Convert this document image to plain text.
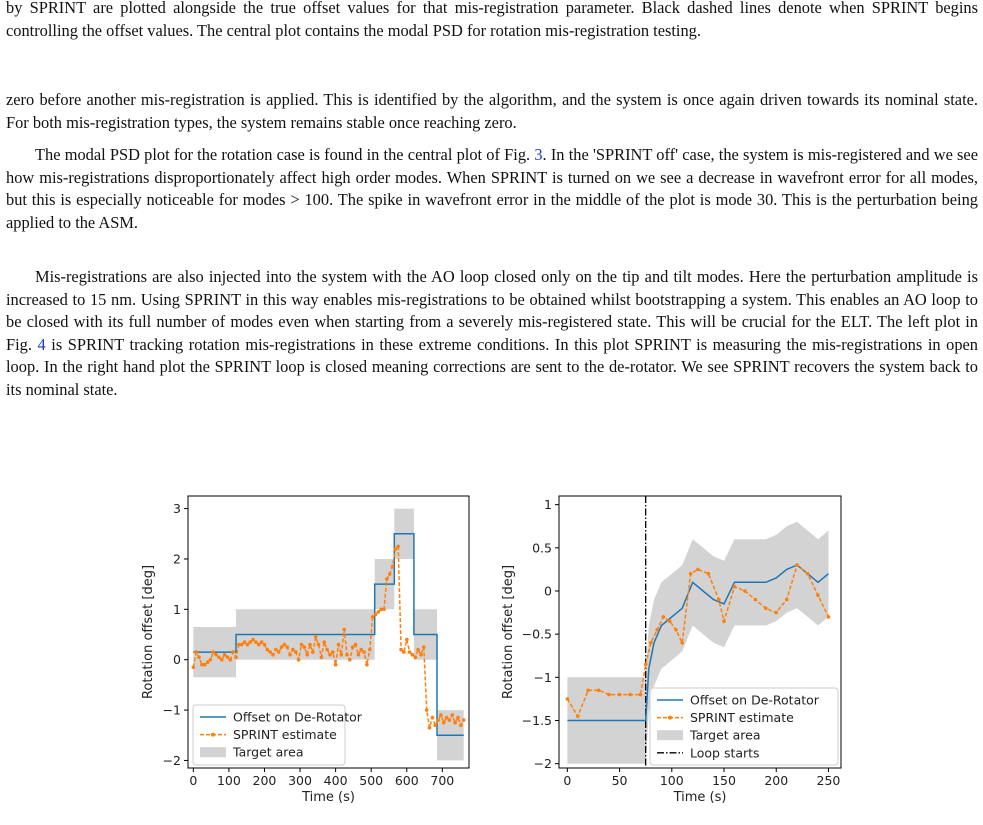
by SPRINT are plotted alongside the true offset values for that mis-registration parameter. Black dashed lines denote when SPRINT begins controlling the offset values. The central plot contains the modal PSD for rotation mis-registration testing.

zero before another mis-registration is applied. This is identified by the algorithm, and the system is once again driven towards its nominal state. For both mis-registration types, the system remains stable once reaching zero.

The modal PSD plot for the rotation case is found in the central plot of Fig. 3. In the 'SPRINT off' case, the system is mis-registered and we see how mis-registrations disproportionately affect high order modes. When SPRINT is turned on we see a decrease in wavefront error for all modes, but this is especially noticeable for modes > 100. The spike in wavefront error in the middle of the plot is mode 30. This is the perturbation being applied to the ASM.

Mis-registrations are also injected into the system with the AO loop closed only on the tip and tilt modes. Here the perturbation amplitude is increased to 15 nm. Using SPRINT in this way enables mis-registrations to be obtained whilst bootstrapping a system. This enables an AO loop to be closed with its full number of modes even when starting from a severely mis-registered state. This will be crucial for the ELT. The left plot in Fig. 4 is SPRINT tracking rotation mis-registrations in these extreme conditions. In this plot SPRINT is measuring the mis-registrations in open loop. In the right hand plot the SPRINT loop is closed meaning corrections are sent to the de-rotator. We see SPRINT recovers the system back to its nominal state.

0 100 200 300 400 500 600 700
−2
−1
0
1
2
3
Time (s)
Rotation offset [deg]
Offset on De-Rotator
SPRINT estimate
Target area
0	50	100 150 200 250
−2
−1.5
−1
−0.5
0
0.5
1
Time (s)
Rotation offset [deg]
Offset on De-Rotator
SPRINT estimate
Target area
Loop starts
